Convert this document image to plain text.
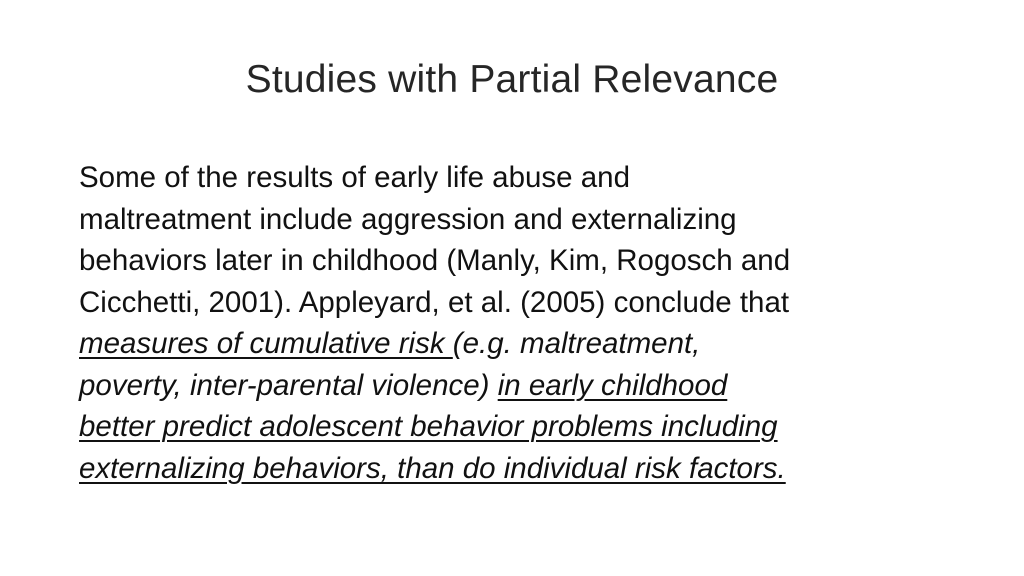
Studies with Partial Relevance
Some of the results of early life abuse and
maltreatment include aggression and externalizing
behaviors later in childhood (Manly, Kim, Rogosch and
Cicchetti, 2001). Appleyard, et al. (2005) conclude that
measures of cumulative risk (e.g. maltreatment,
poverty, inter-parental violence) in early childhood
better predict adolescent behavior problems including
externalizing behaviors, than do individual risk factors.
